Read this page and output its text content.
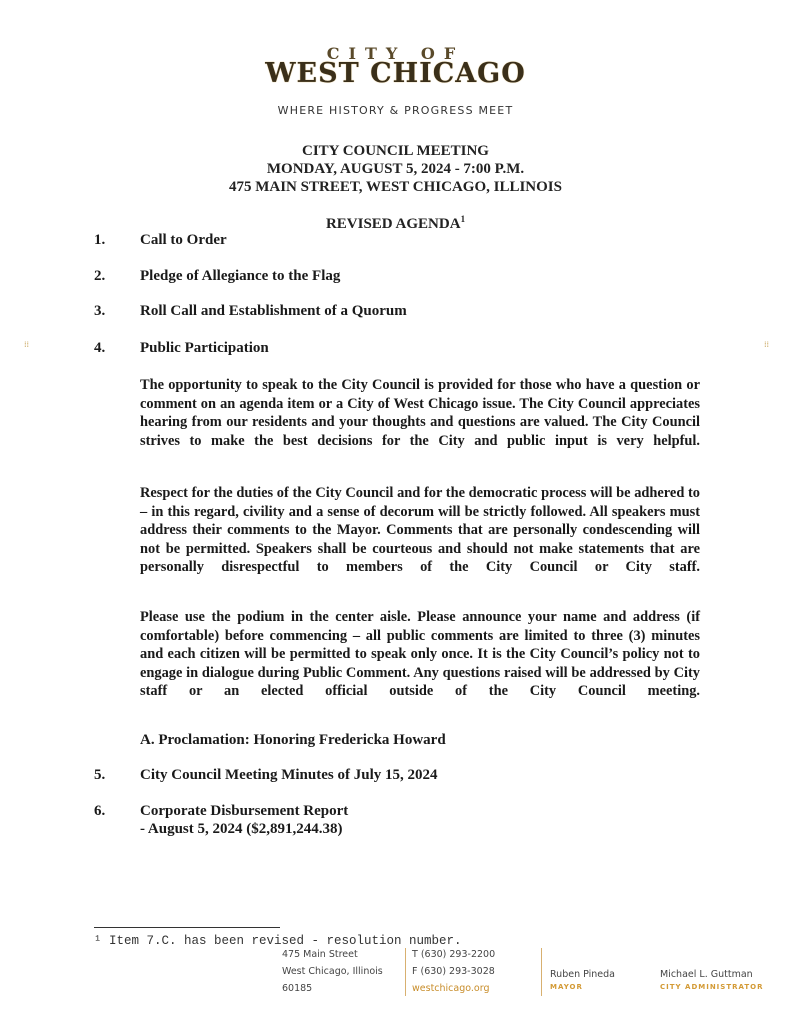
CITY OF
WEST CHICAGO
WHERE HISTORY & PROGRESS MEET
CITY COUNCIL MEETING
MONDAY, AUGUST 5, 2024 - 7:00 P.M.
475 MAIN STREET, WEST CHICAGO, ILLINOIS
REVISED AGENDA$^1$
1. Call to Order
2. Pledge of Allegiance to the Flag
3. Roll Call and Establishment of a Quorum
⁞⁞	⁞⁞
4. Public Participation

The opportunity to speak to the City Council is provided for those who have a question or comment on an agenda item or a City of West Chicago issue. The City Council appreciates hearing from our residents and your thoughts and questions are valued. The City Council strives to make the best decisions for the City and public input is very helpful.

Respect for the duties of the City Council and for the democratic process will be adhered to – in this regard, civility and a sense of decorum will be strictly followed. All speakers must address their comments to the Mayor. Comments that are personally condescending will not be permitted. Speakers shall be courteous and should not make statements that are personally disrespectful to members of the City Council or City staff.

Please use the podium in the center aisle. Please announce your name and address (if comfortable) before commencing – all public comments are limited to three (3) minutes and each citizen will be permitted to speak only once. It is the City Council’s policy not to engage in dialogue during Public Comment. Any questions raised will be addressed by City staff or an elected official outside of the City Council meeting.

A. Proclamation: Honoring Fredericka Howard
5. City Council Meeting Minutes of July 15, 2024
6. Corporate Disbursement Report
- August 5, 2024 ($2,891,244.38)
¹ Item 7.C. has been revised - resolution number.
475 Main Street
West Chicago, Illinois
60185
T (630) 293-2200
F (630) 293-3028
westchicago.org
Ruben Pineda
MAYOR
Michael L. Guttman
CITY ADMINISTRATOR
